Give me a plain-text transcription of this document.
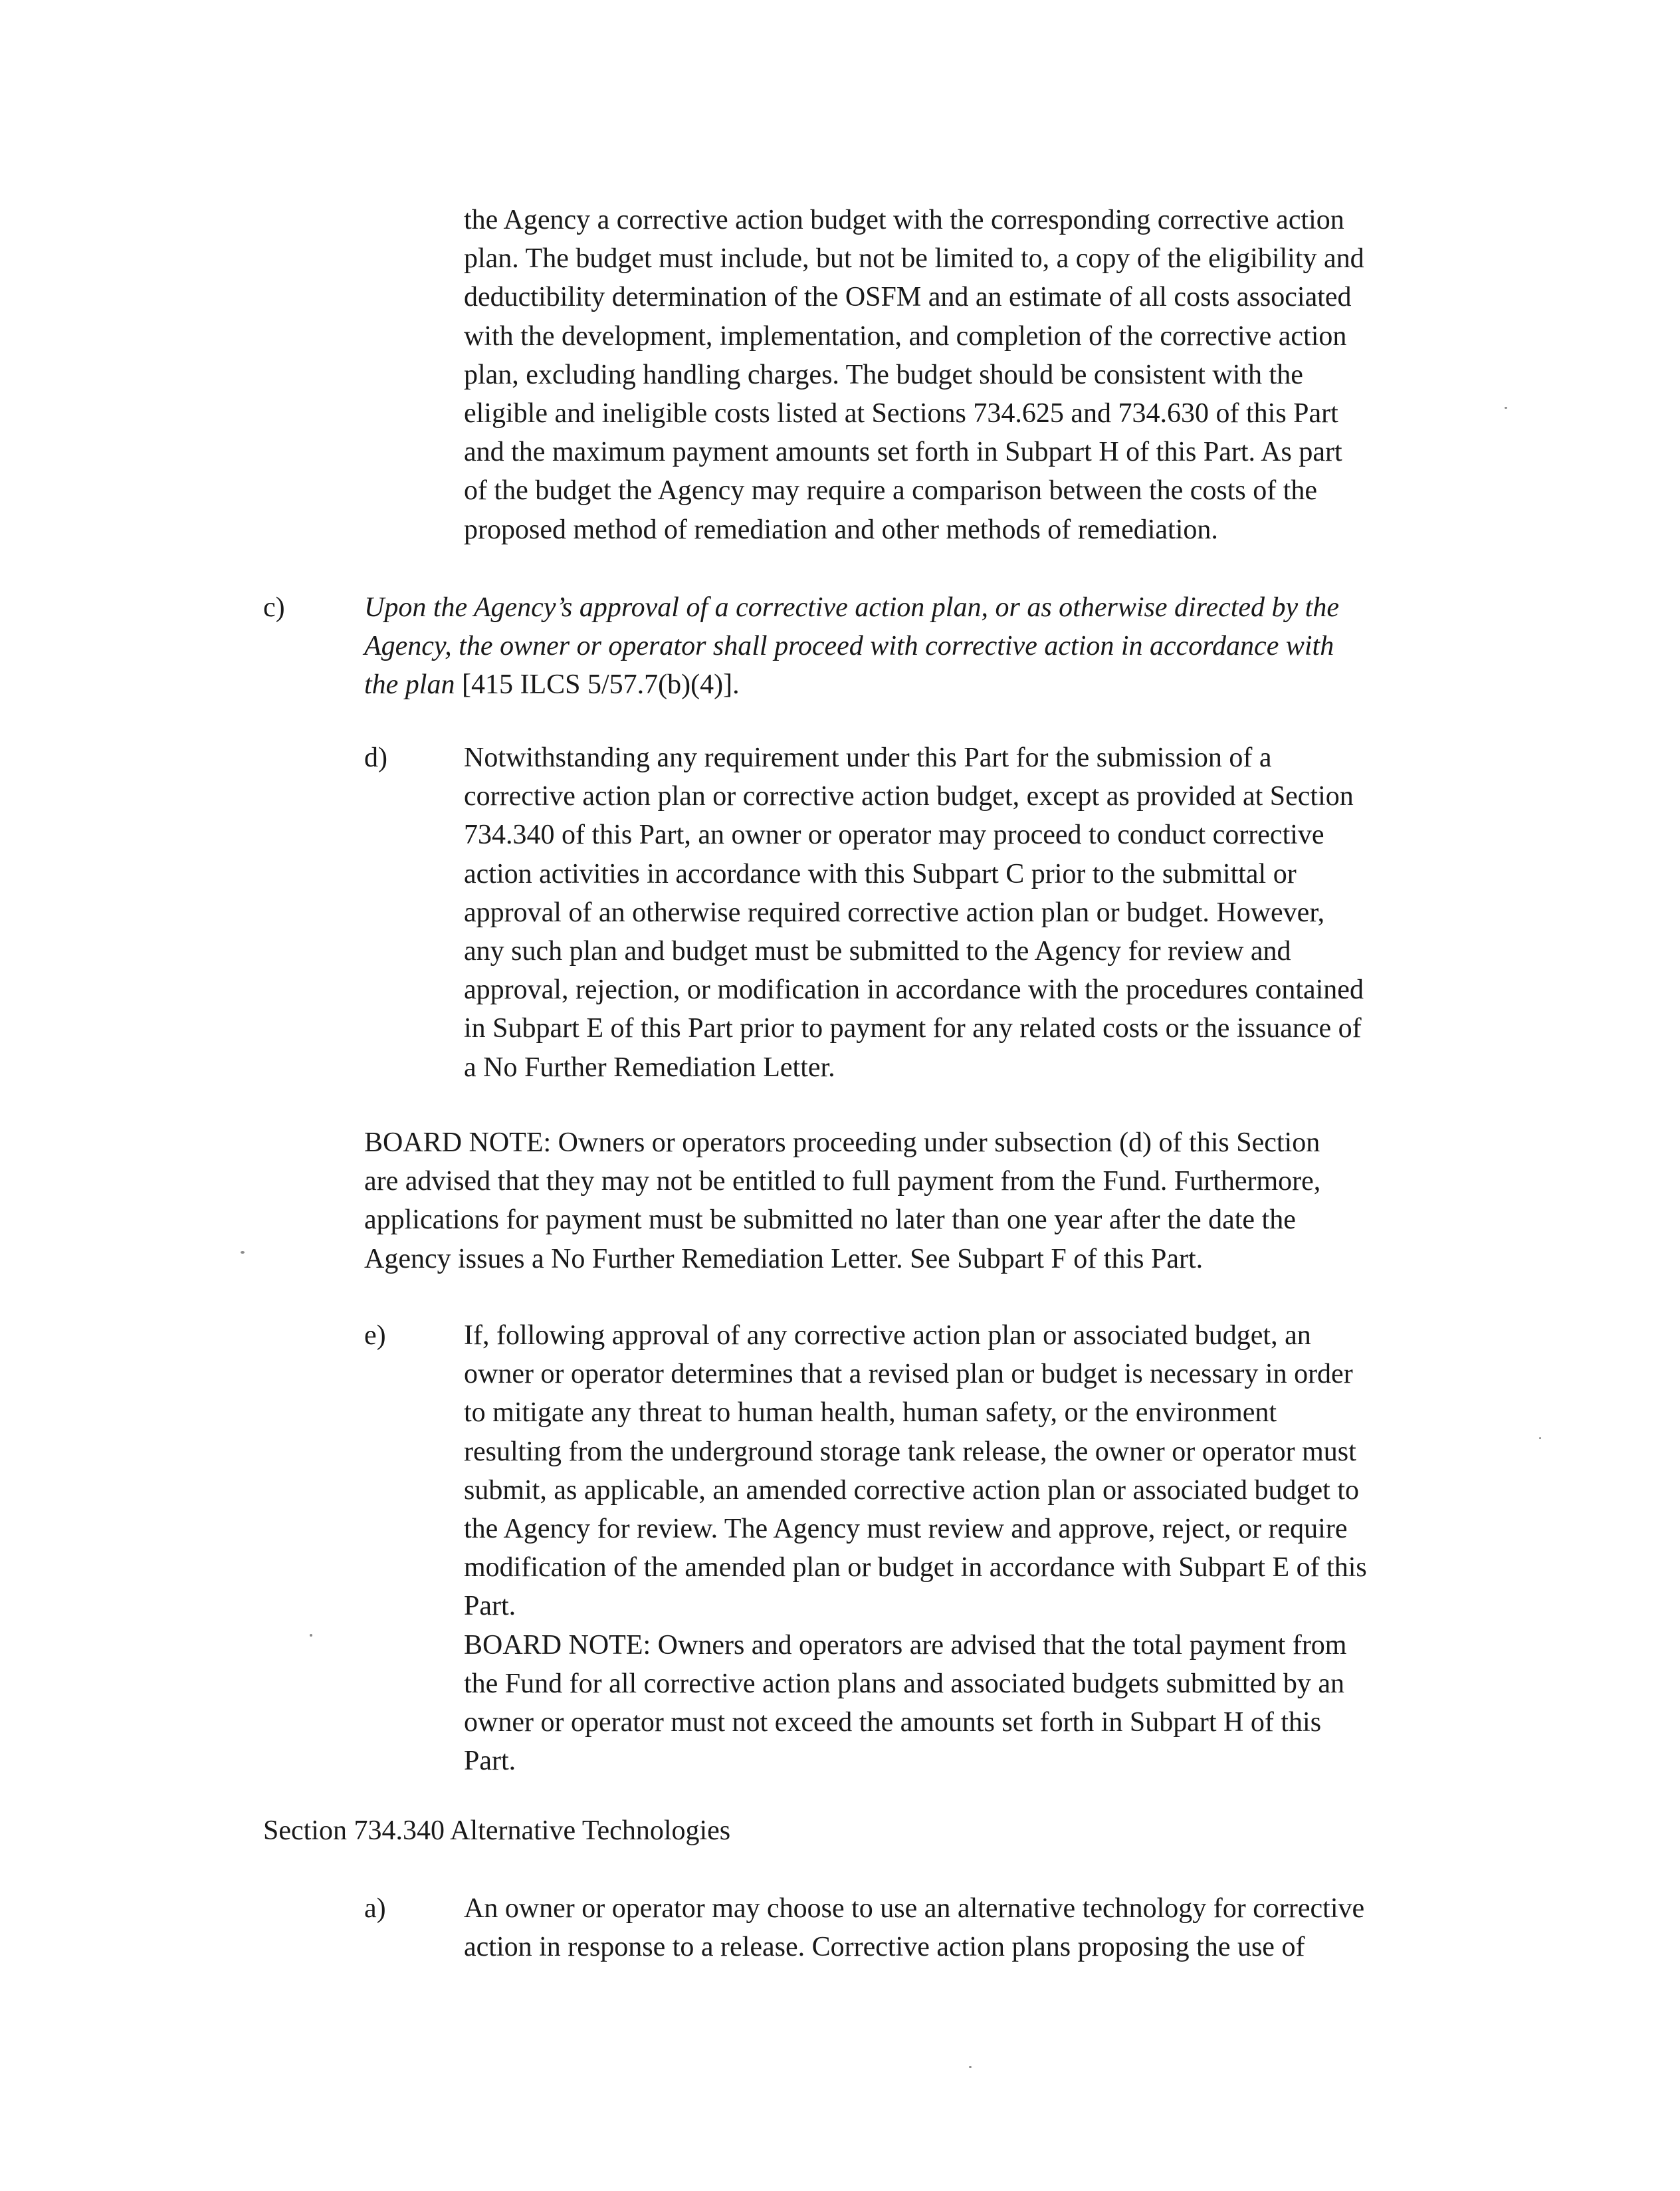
the Agency a corrective action budget with the corresponding corrective action
plan. The budget must include, but not be limited to, a copy of the eligibility and
deductibility determination of the OSFM and an estimate of all costs associated
with the development, implementation, and completion of the corrective action
plan, excluding handling charges. The budget should be consistent with the
eligible and ineligible costs listed at Sections 734.625 and 734.630 of this Part
and the maximum payment amounts set forth in Subpart H of this Part. As part
of the budget the Agency may require a comparison between the costs of the
proposed method of remediation and other methods of remediation.
c)	Upon the Agency’s approval of a corrective action plan, or as otherwise directed by the
Agency, the owner or operator shall proceed with corrective action in accordance with
the plan [415 ILCS 5/57.7(b)(4)].
d)	Notwithstanding any requirement under this Part for the submission of a
corrective action plan or corrective action budget, except as provided at Section
734.340 of this Part, an owner or operator may proceed to conduct corrective
action activities in accordance with this Subpart C prior to the submittal or
approval of an otherwise required corrective action plan or budget. However,
any such plan and budget must be submitted to the Agency for review and
approval, rejection, or modification in accordance with the procedures contained
in Subpart E of this Part prior to payment for any related costs or the issuance of
a No Further Remediation Letter.
BOARD NOTE: Owners or operators proceeding under subsection (d) of this Section
are advised that they may not be entitled to full payment from the Fund. Furthermore,
applications for payment must be submitted no later than one year after the date the
Agency issues a No Further Remediation Letter. See Subpart F of this Part.
e)	If, following approval of any corrective action plan or associated budget, an
owner or operator determines that a revised plan or budget is necessary in order
to mitigate any threat to human health, human safety, or the environment
resulting from the underground storage tank release, the owner or operator must
submit, as applicable, an amended corrective action plan or associated budget to
the Agency for review. The Agency must review and approve, reject, or require
modification of the amended plan or budget in accordance with Subpart E of this
Part.
BOARD NOTE: Owners and operators are advised that the total payment from
the Fund for all corrective action plans and associated budgets submitted by an
owner or operator must not exceed the amounts set forth in Subpart H of this
Part.
Section 734.340 Alternative Technologies
a)	An owner or operator may choose to use an alternative technology for corrective
action in response to a release. Corrective action plans proposing the use of
